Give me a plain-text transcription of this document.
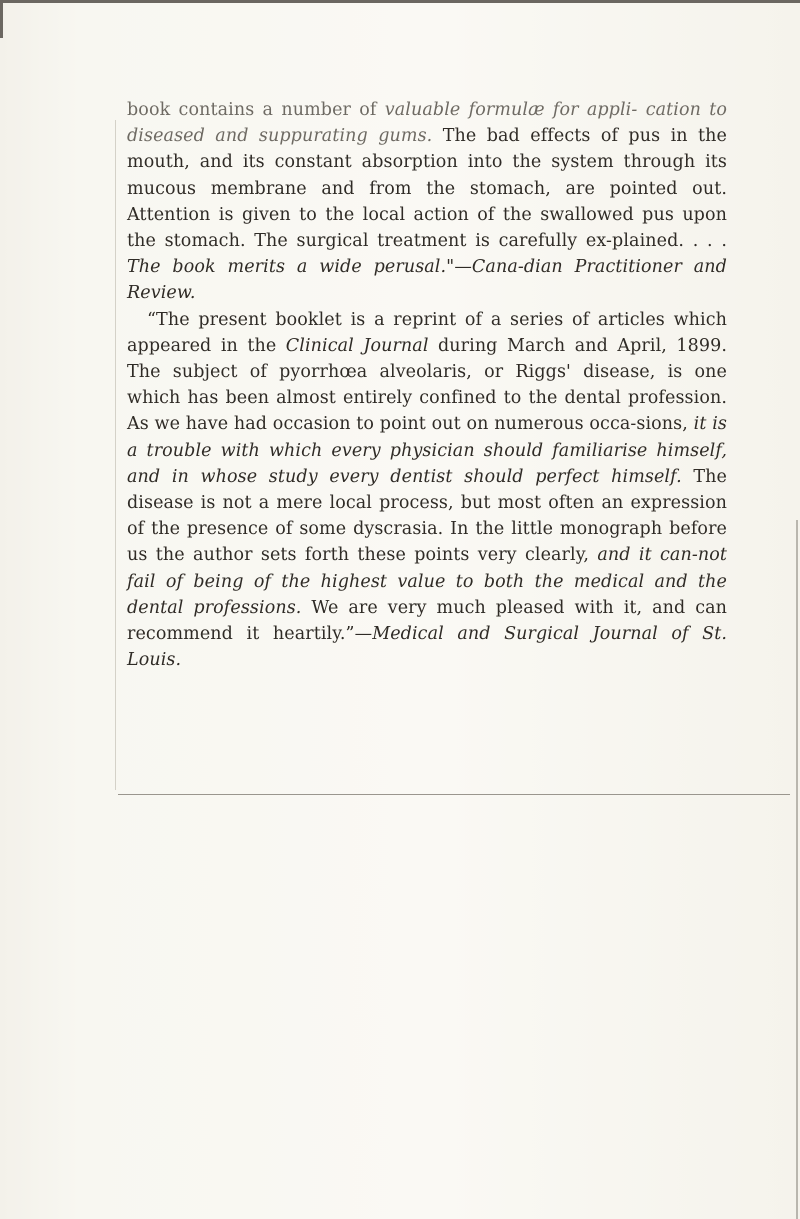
book contains a number of valuable formulæ for appli- cation to diseased and suppurating gums. The bad effects of pus in the mouth, and its constant absorption into the system through its mucous membrane and from the stomach, are pointed out. Attention is given to the local action of the swallowed pus upon the stomach. The surgical treatment is carefully ex-plained. . . . The book merits a wide perusal."—Cana-dian Practitioner and Review.

“The present booklet is a reprint of a series of articles which appeared in the Clinical Journal during March and April, 1899. The subject of pyorrhœa alveolaris, or Riggs' disease, is one which has been almost entirely confined to the dental profession. As we have had occasion to point out on numerous occa-sions, it is a trouble with which every physician should familiarise himself, and in whose study every dentist should perfect himself. The disease is not a mere local process, but most often an expression of the presence of some dyscrasia. In the little monograph before us the author sets forth these points very clearly, and it can-not fail of being of the highest value to both the medical and the dental professions. We are very much pleased with it, and can recommend it heartily.”—Medical and Surgical Journal of St. Louis.
